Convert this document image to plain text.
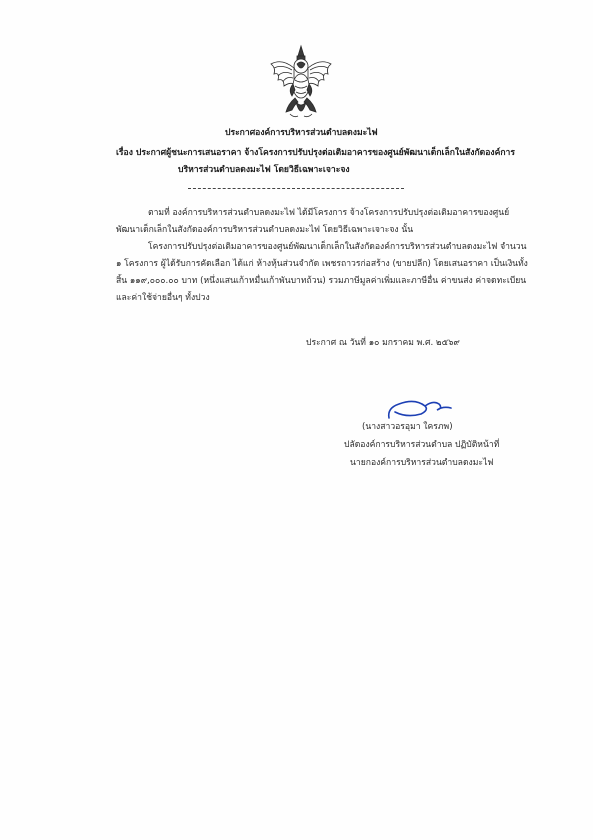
ประกาศองค์การบริหารส่วนตำบลดงมะไฟ
เรื่อง ประกาศผู้ชนะการเสนอราคา จ้างโครงการปรับปรุงต่อเติมอาคารของศูนย์พัฒนาเด็กเล็กในสังกัดองค์การ
บริหารส่วนตำบลดงมะไฟ โดยวิธีเฉพาะเจาะจง
ตามที่ องค์การบริหารส่วนตำบลดงมะไฟ ได้มีโครงการ จ้างโครงการปรับปรุงต่อเติมอาคารของศูนย์
พัฒนาเด็กเล็กในสังกัดองค์การบริหารส่วนตำบลดงมะไฟ โดยวิธีเฉพาะเจาะจง นั้น
โครงการปรับปรุงต่อเติมอาคารของศูนย์พัฒนาเด็กเล็กในสังกัดองค์การบริหารส่วนตำบลดงมะไฟ จำนวน
๑ โครงการ ผู้ได้รับการคัดเลือก ได้แก่ ห้างหุ้นส่วนจำกัด เพชรถาวรก่อสร้าง (ขายปลีก) โดยเสนอราคา เป็นเงินทั้ง
สิ้น ๑๑๙,๐๐๐.๐๐ บาท (หนึ่งแสนเก้าหมื่นเก้าพันบาทถ้วน) รวมภาษีมูลค่าเพิ่มและภาษีอื่น ค่าขนส่ง ค่าจดทะเบียน
และค่าใช้จ่ายอื่นๆ ทั้งปวง
ประกาศ ณ วันที่ ๑๐ มกราคม พ.ศ. ๒๕๖๙
(นางสาวอรอุมา ใครภพ)
ปลัดองค์การบริหารส่วนตำบล ปฏิบัติหน้าที่
นายกองค์การบริหารส่วนตำบลดงมะไฟ
